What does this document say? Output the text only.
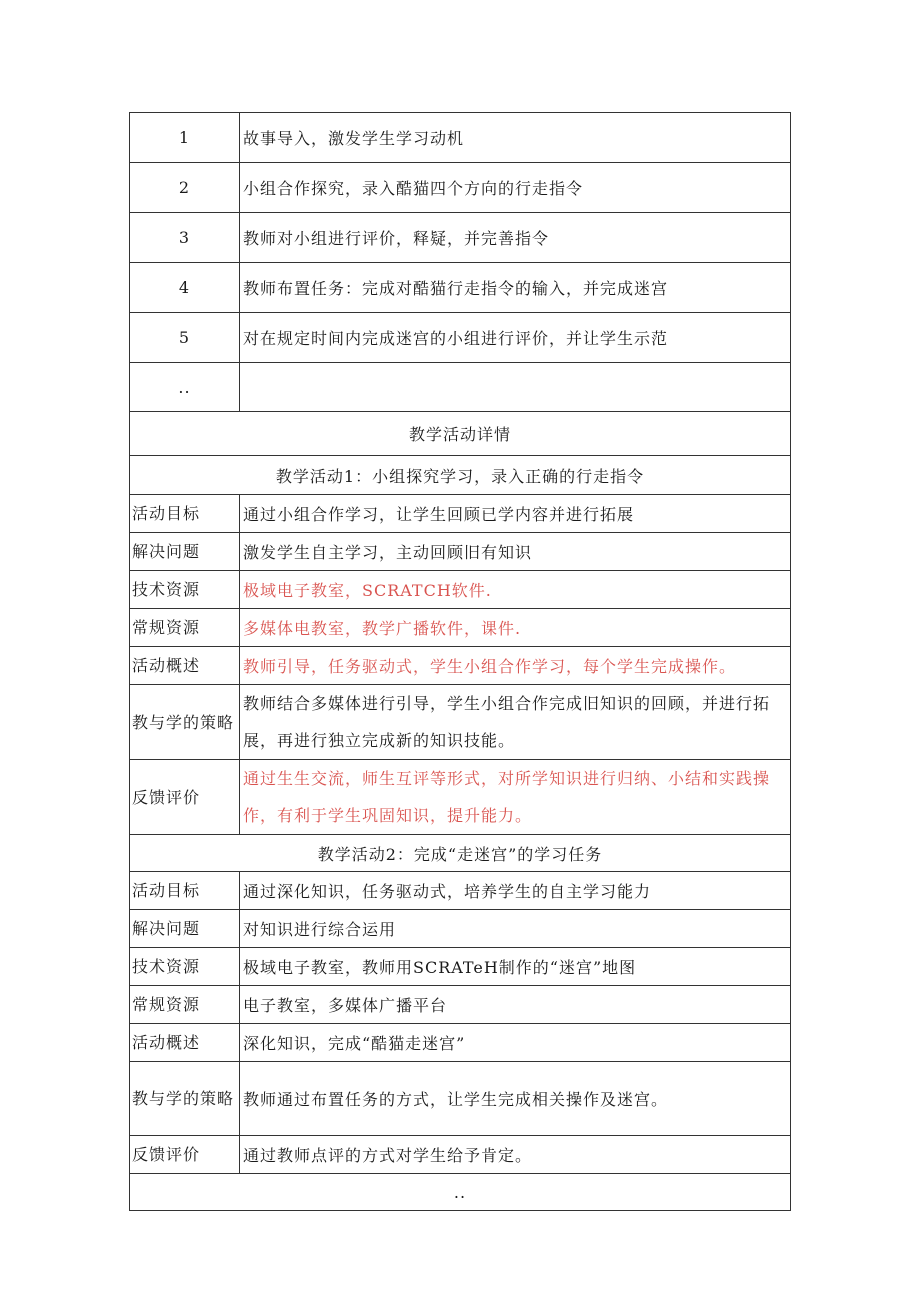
1	故事导入，激发学生学习动机
2	小组合作探究，录入酷猫四个方向的行走指令
3	教师对小组进行评价，释疑，并完善指令
4	教师布置任务：完成对酷猫行走指令的输入，并完成迷宫
5	对在规定时间内完成迷宫的小组进行评价，并让学生示范
..	
教学活动详情	
教学活动1：小组探究学习，录入正确的行走指令	
活动目标	通过小组合作学习，让学生回顾已学内容并进行拓展
解决问题	激发学生自主学习，主动回顾旧有知识
技术资源	极域电子教室，SCRATCH软件.
常规资源	多媒体电教室，教学广播软件，课件.
活动概述	教师引导，任务驱动式，学生小组合作学习，每个学生完成操作。
教与学的策略	教师结合多媒体进行引导，学生小组合作完成旧知识的回顾，并进行拓展，再进行独立完成新的知识技能。
反馈评价	通过生生交流，师生互评等形式，对所学知识进行归纳、小结和实践操作，有利于学生巩固知识，提升能力。
教学活动2：完成“走迷宫”的学习任务	
活动目标	通过深化知识，任务驱动式，培养学生的自主学习能力
解决问题	对知识进行综合运用
技术资源	极域电子教室，教师用SCRATeH制作的“迷宫”地图
常规资源	电子教室，多媒体广播平台
活动概述	深化知识，完成“酷猫走迷宫”
教与学的策略	教师通过布置任务的方式，让学生完成相关操作及迷宫。
反馈评价	通过教师点评的方式对学生给予肯定。
..	
